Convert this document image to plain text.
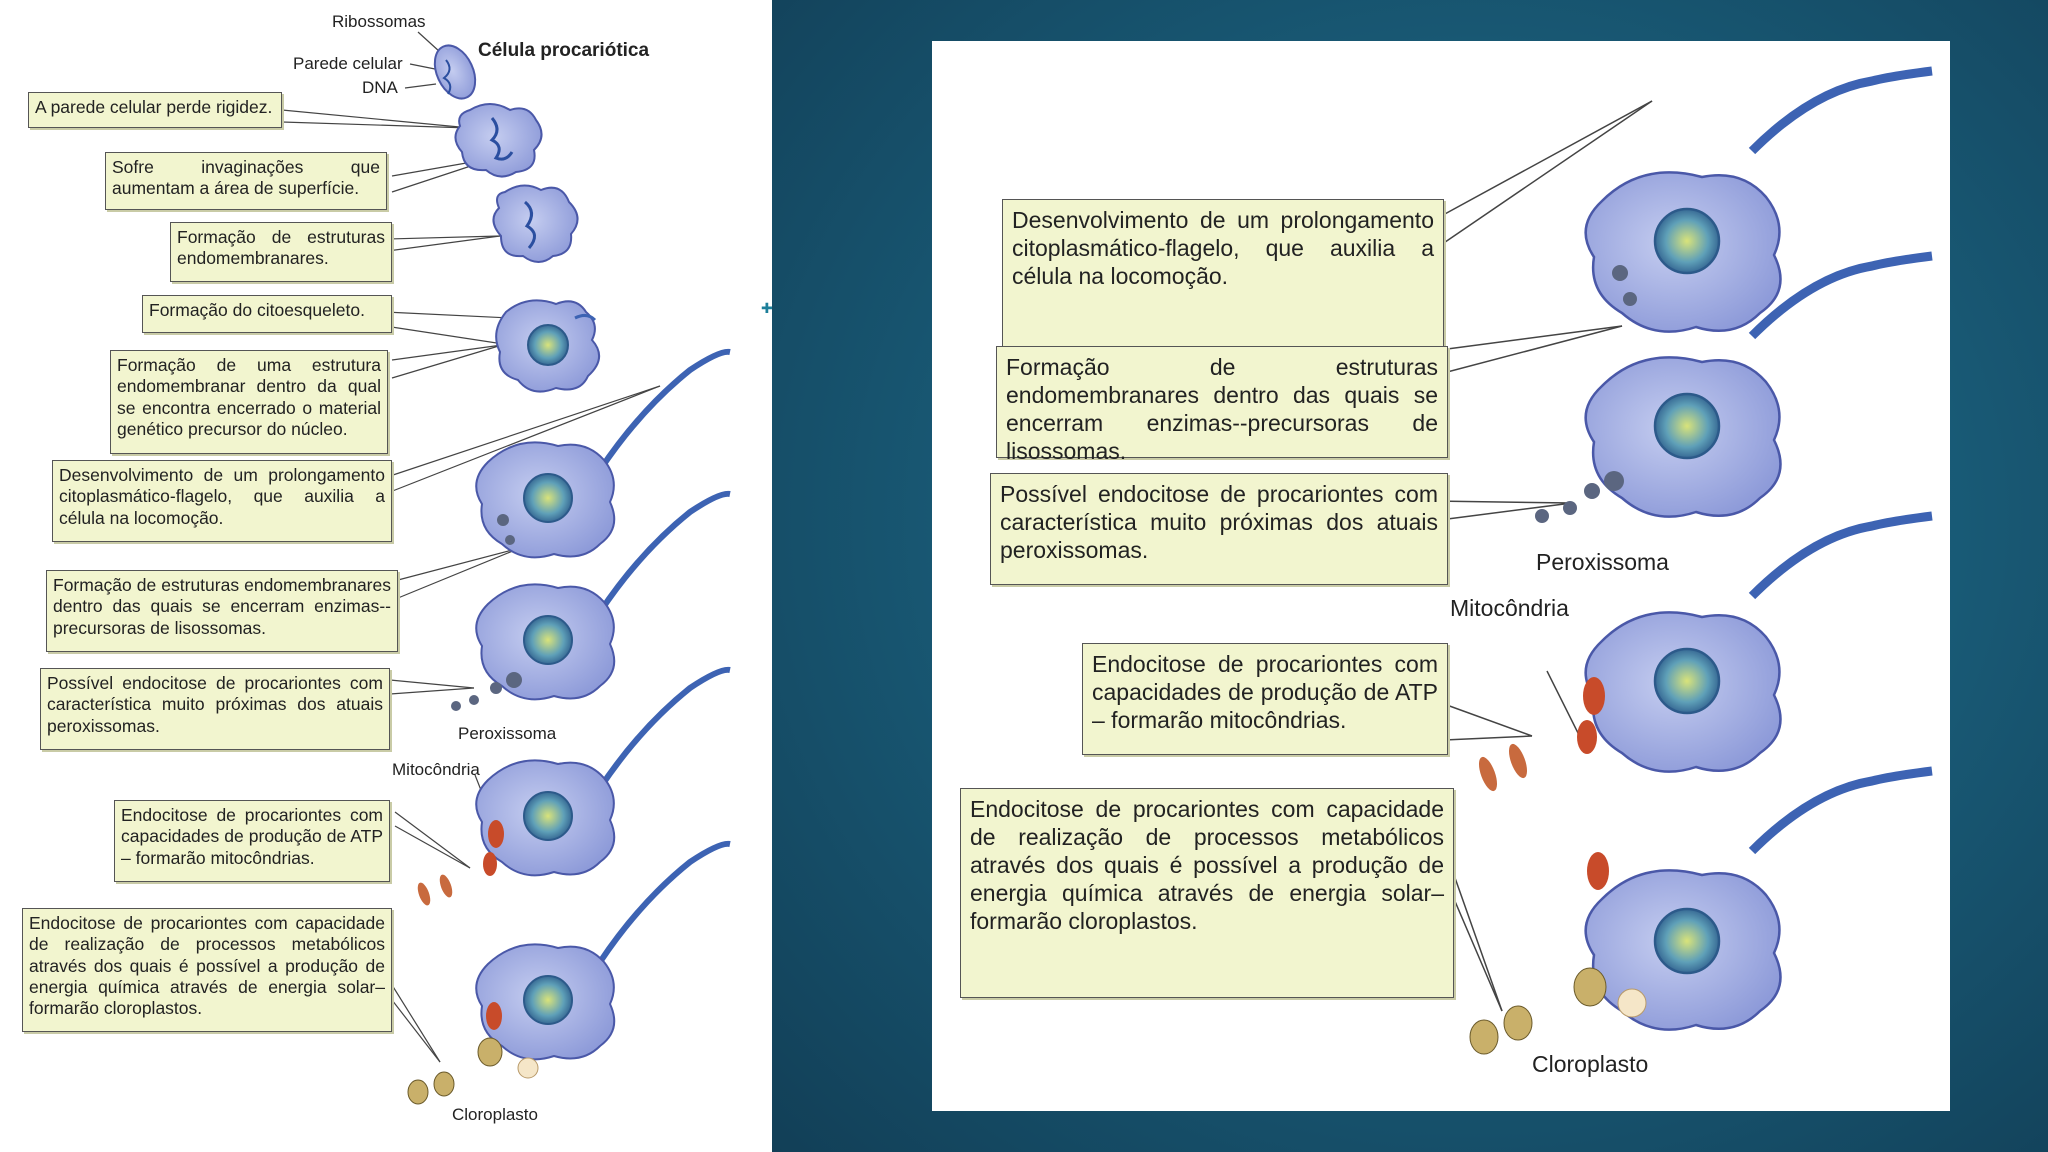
Ribossomas
Parede celular
DNA
Célula procariótica
Peroxissoma
Mitocôndria
Cloroplasto
A parede celular perde rigidez.
Sofre invaginações que aumentam a área de superfície.
Formação de estruturas endomembranares.
Formação do citoesqueleto.
Formação de uma estrutura endomembranar dentro da qual se encontra encerrado o material genético precursor do núcleo.
Desenvolvimento de um prolongamento citoplasmático-flagelo, que auxilia a célula na locomoção.
Formação de estruturas endomembranares dentro das quais se encerram enzimas--precursoras de lisossomas.
Possível endocitose de procariontes com característica muito próximas dos atuais peroxissomas.
Endocitose de procariontes com capacidades de produção de ATP – formarão mitocôndrias.
Endocitose de procariontes com capacidade de realização de processos metabólicos através dos quais é possível a produção de energia química através de energia solar–formarão cloroplastos.
✚
Desenvolvimento de um prolongamento citoplasmático-flagelo, que auxilia a célula na locomoção.
Formação de estruturas endomembranares dentro das quais se encerram enzimas--precursoras de lisossomas.
Possível endocitose de procariontes com característica muito próximas dos atuais peroxissomas.	Peroxissoma
Mitocôndria
Endocitose de procariontes com capacidades de produção de ATP – formarão mitocôndrias.
Endocitose de procariontes com capacidade de realização de processos metabólicos através dos quais é possível a produção de energia química através de energia solar–formarão cloroplastos.
Cloroplasto
